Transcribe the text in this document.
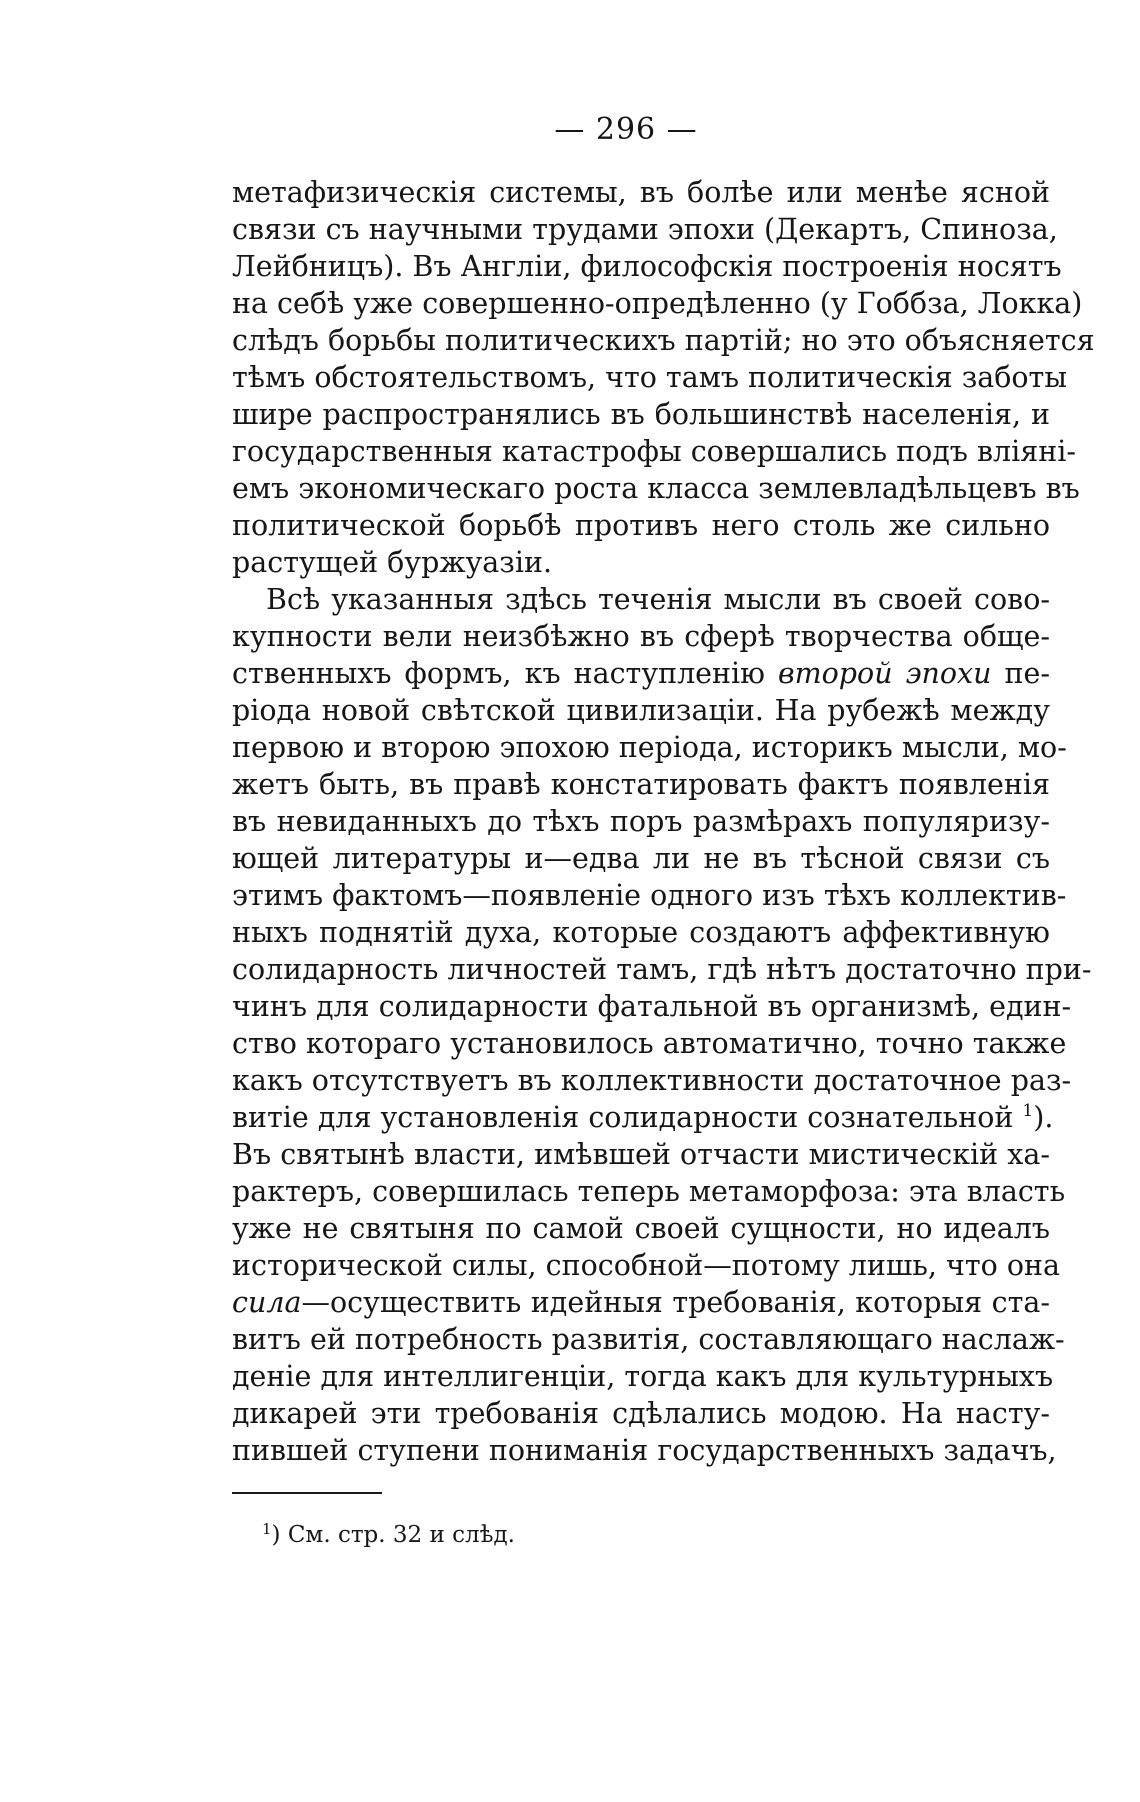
— 296 —
метафизическія системы, въ болѣе или менѣе ясной
связи съ научными трудами эпохи (Декартъ, Спиноза,
Лейбницъ). Въ Англіи, философскія построенія носятъ
на себѣ уже совершенно-опредѣленно (у Гоббза, Локка)
слѣдъ борьбы политическихъ партій; но это объясняется
тѣмъ обстоятельствомъ, что тамъ политическія заботы
шире распространялись въ большинствѣ населенія, и
государственныя катастрофы совершались подъ вліяні-
емъ экономическаго роста класса землевладѣльцевъ въ
политической борьбѣ противъ него столь же сильно
растущей буржуазіи.
Всѣ указанныя здѣсь теченія мысли въ своей сово-
купности вели неизбѣжно въ сферѣ творчества обще-
ственныхъ формъ, къ наступленію второй эпохи пе-
ріода новой свѣтской цивилизаціи. На рубежѣ между
первою и второю эпохою періода, историкъ мысли, мо-
жетъ быть, въ правѣ констатировать фактъ появленія
въ невиданныхъ до тѣхъ поръ размѣрахъ популяризу-
ющей литературы и—едва ли не въ тѣсной связи съ
этимъ фактомъ—появленіе одного изъ тѣхъ коллектив-
ныхъ поднятій духа, которые создаютъ аффективную
солидарность личностей тамъ, гдѣ нѣтъ достаточно при-
чинъ для солидарности фатальной въ организмѣ, един-
ство котораго установилось автоматично, точно также
какъ отсутствуетъ въ коллективности достаточное раз-
витіе для установленія солидарности сознательной $^1$).
Въ святынѣ власти, имѣвшей отчасти мистическій ха-
рактеръ, совершилась теперь метаморфоза: эта власть
уже не святыня по самой своей сущности, но идеалъ
исторической силы, способной—потому лишь, что она
сила—осуществить идейныя требованія, которыя ста-
витъ ей потребность развитія, составляющаго наслаж-
деніе для интеллигенціи, тогда какъ для культурныхъ
дикарей эти требованія сдѣлались модою. На насту-
пившей ступени пониманія государственныхъ задачъ,
$^1$) См. стр. 32 и слѣд.
